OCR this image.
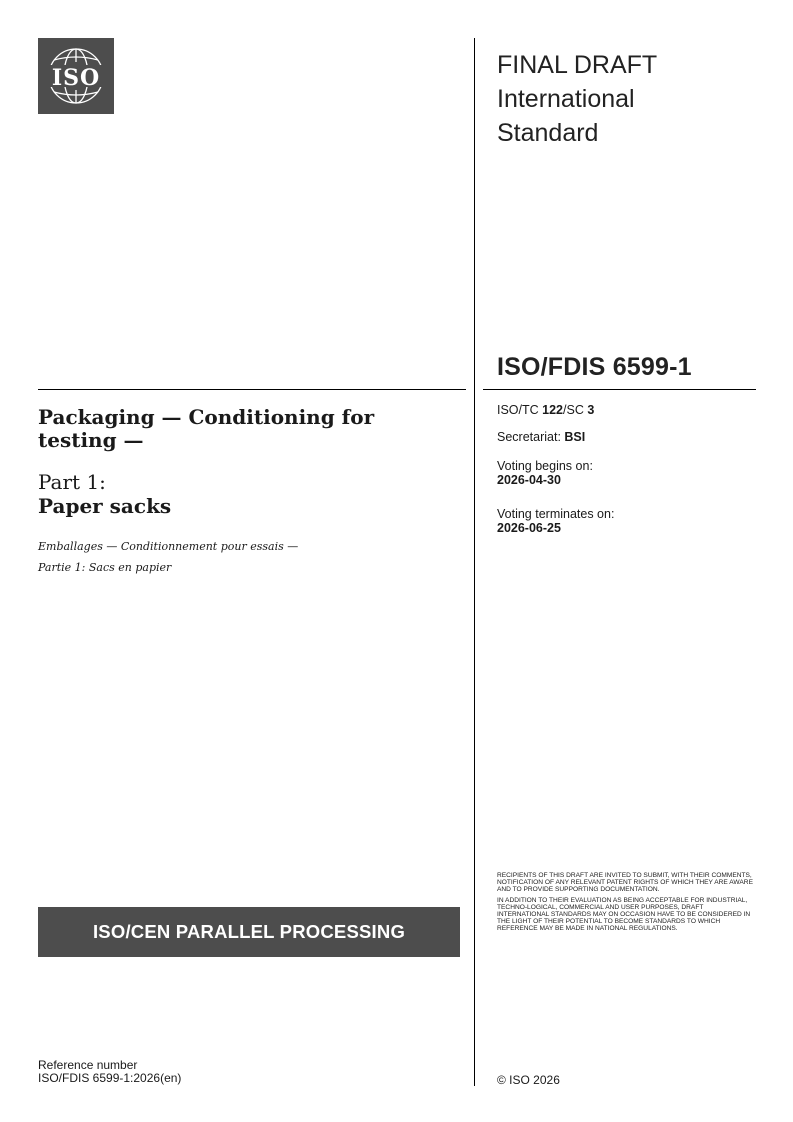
ISO	FINAL DRAFT
International
Standard
ISO/FDIS 6599-1
Packaging — Conditioning for testing —
Part 1:
Paper sacks
Emballages — Conditionnement pour essais —
Partie 1: Sacs en papier
ISO/TC 122/SC 3
Secretariat: BSI
Voting begins on:
2026-04-30
Voting terminates on:
2026-06-25

RECIPIENTS OF THIS DRAFT ARE INVITED TO SUBMIT, WITH THEIR COMMENTS, NOTIFICATION OF ANY RELEVANT PATENT RIGHTS OF WHICH THEY ARE AWARE AND TO PROVIDE SUPPORTING DOCUMENTATION.

IN ADDITION TO THEIR EVALUATION AS BEING ACCEPTABLE FOR INDUSTRIAL, TECHNO-LOGICAL, COMMERCIAL AND USER PURPOSES, DRAFT INTERNATIONAL STANDARDS MAY ON OCCASION HAVE TO BE CONSIDERED IN THE LIGHT OF THEIR POTENTIAL TO BECOME STANDARDS TO WHICH REFERENCE MAY BE MADE IN NATIONAL REGULATIONS.

ISO/CEN PARALLEL PROCESSING
Reference number
ISO/FDIS 6599-1:2026(en)	© ISO 2026
